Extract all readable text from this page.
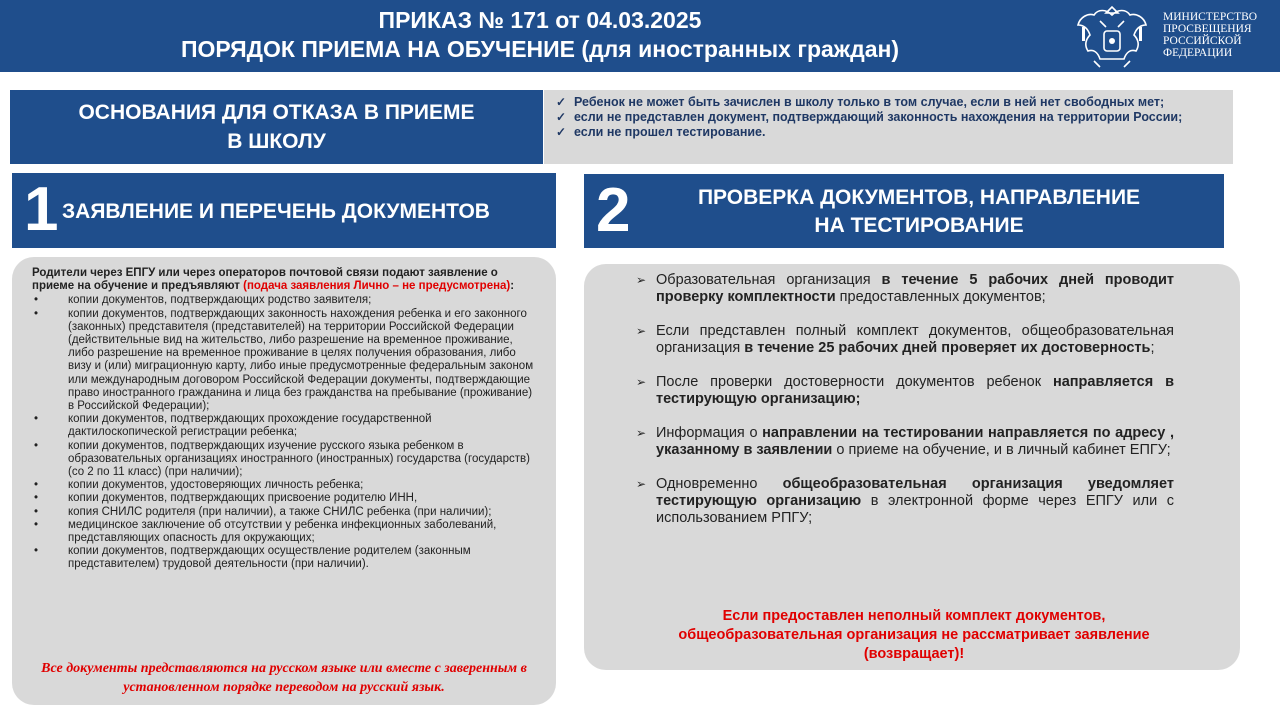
ПРИКАЗ № 171 от 04.03.2025
ПОРЯДОК ПРИЕМА НА ОБУЧЕНИЕ (для иностранных граждан)
МИНИСТЕРСТВО
ПРОСВЕЩЕНИЯ
РОССИЙСКОЙ
ФЕДЕРАЦИИ
ОСНОВАНИЯ ДЛЯ ОТКАЗА В ПРИЕМЕ
В ШКОЛУ
✓ Ребенок не может быть зачислен в школу только в том случае, если в ней нет свободных мет;
✓ если не представлен документ, подтверждающий законность нахождения на территории России;
✓ если не прошел тестирование.
1 ЗАЯВЛЕНИЕ И ПЕРЕЧЕНЬ ДОКУМЕНТОВ 2	ПРОВЕРКА ДОКУМЕНТОВ, НАПРАВЛЕНИЕ
НА ТЕСТИРОВАНИЕ
Родители через ЕПГУ или через операторов почтовой связи подают заявление о приеме на обучение и предъявляют (подача заявления Лично – не предусмотрена):
• копии документов, подтверждающих родство заявителя;
• копии документов, подтверждающих законность нахождения ребенка и его законного (законных) представителя (представителей) на территории Российской Федерации (действительные вид на жительство, либо разрешение на временное проживание, либо разрешение на временное проживание в целях получения образования, либо визу и (или) миграционную карту, либо иные предусмотренные федеральным законом или международным договором Российской Федерации документы, подтверждающие право иностранного гражданина и лица без гражданства на пребывание (проживание) в Российской Федерации);
• копии документов, подтверждающих прохождение государственной дактилоскопической регистрации ребенка;
• копии документов, подтверждающих изучение русского языка ребенком в образовательных организациях иностранного (иностранных) государства (государств) (со 2 по 11 класс) (при наличии);
• копии документов, удостоверяющих личность ребенка;
• копии документов, подтверждающих присвоение родителю ИНН,
• копия СНИЛС родителя (при наличии), а также СНИЛС ребенка (при наличии);
• медицинское заключение об отсутствии у ребенка инфекционных заболеваний, представляющих опасность для окружающих;
• копии документов, подтверждающих осуществление родителем (законным представителем) трудовой деятельности (при наличии).
Все документы представляются на русском языке или вместе с заверенным в установленном порядке переводом на русский язык.
➢ Образовательная организация в течение 5 рабочих дней проводит проверку комплектности предоставленных документов;
➢ Если представлен полный комплект документов, общеобразовательная организация в течение 25 рабочих дней проверяет их достоверность;
➢ После проверки достоверности документов ребенок направляется в тестирующую организацию;
➢ Информация о направлении на тестировании направляется по адресу , указанному в заявлении о приеме на обучение, и в личный кабинет ЕПГУ;
➢ Одновременно общеобразовательная организация уведомляет тестирующую организацию в электронной форме через ЕПГУ или с использованием РПГУ;
Если предоставлен неполный комплект документов, общеобразовательная организация не рассматривает заявление (возвращает)!
